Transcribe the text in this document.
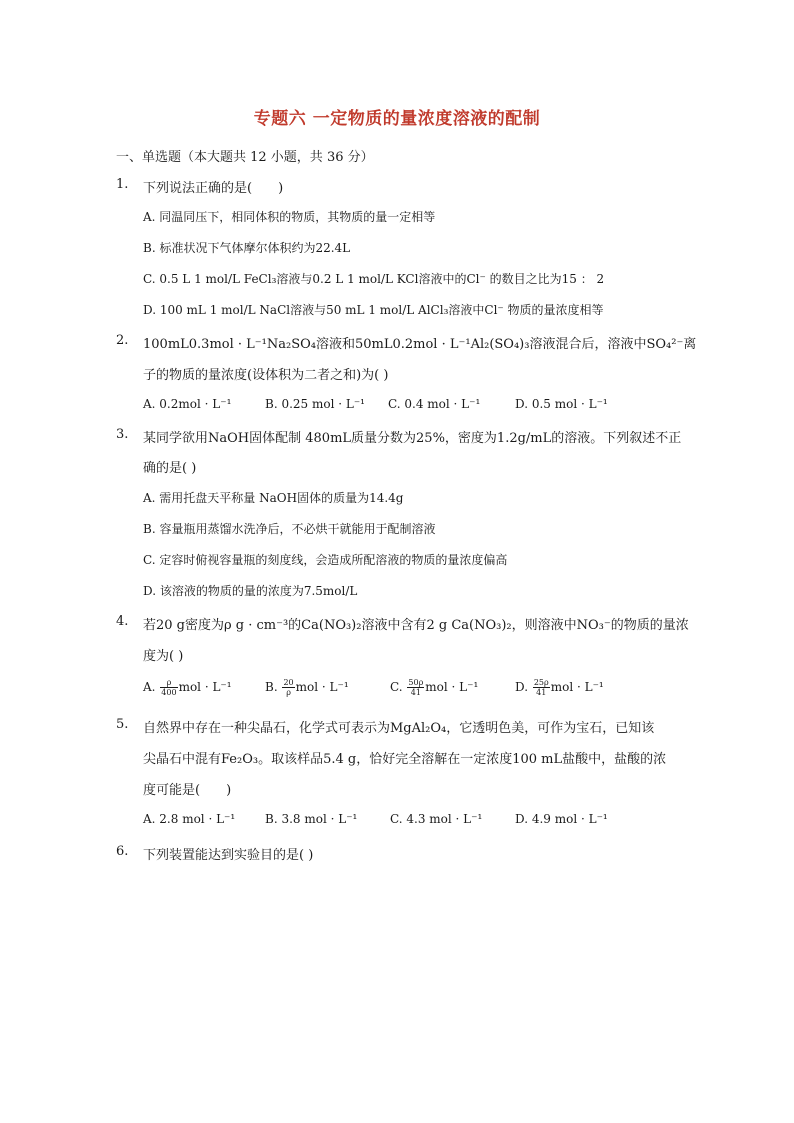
专题六 一定物质的量浓度溶液的配制
一、单选题（本大题共 12 小题，共 36 分）
1. 下列说法正确的是(　　)
A. 同温同压下，相同体积的物质，其物质的量一定相等
B. 标准状况下气体摩尔体积约为22.4L
C. 0.5 L 1 mol/L FeCl₃溶液与0.2 L 1 mol/L KCl溶液中的Cl⁻ 的数目之比为15 ： 2
D. 100 mL 1 mol/L NaCl溶液与50 mL 1 mol/L AlCl₃溶液中Cl⁻ 物质的量浓度相等
2. 100mL0.3mol · L⁻¹Na₂SO₄溶液和50mL0.2mol · L⁻¹Al₂(SO₄)₃溶液混合后，溶液中SO₄²⁻离
子的物质的量浓度(设体积为二者之和)为( )
A. 0.2mol · L⁻¹	B. 0.25 mol · L⁻¹ C. 0.4 mol · L⁻¹	D. 0.5 mol · L⁻¹
3. 某同学欲用NaOH固体配制 480mL质量分数为25%，密度为1.2g/mL的溶液。下列叙述不正
确的是( )
A. 需用托盘天平称量 NaOH固体的质量为14.4g
B. 容量瓶用蒸馏水洗净后，不必烘干就能用于配制溶液
C. 定容时俯视容量瓶的刻度线，会造成所配溶液的物质的量浓度偏高
D. 该溶液的物质的量的浓度为7.5mol/L
4. 若20 g密度为ρ g · cm⁻³的Ca(NO₃)₂溶液中含有2 g Ca(NO₃)₂，则溶液中NO₃⁻的物质的量浓
度为( )
A. $\frac{\rho}{400}$ mol · L⁻¹	B. $\frac{20}{\rho}$ mol · L⁻¹	C. $\frac{50\rho}{41}$ mol · L⁻¹	D. $\frac{25\rho}{41}$ mol · L⁻¹
5. 自然界中存在一种尖晶石，化学式可表示为MgAl₂O₄，它透明色美，可作为宝石，已知该
尖晶石中混有Fe₂O₃。取该样品5.4 g，恰好完全溶解在一定浓度100 mL盐酸中，盐酸的浓
度可能是(　　)
A. 2.8 mol · L⁻¹ B. 3.8 mol · L⁻¹	C. 4.3 mol · L⁻¹	D. 4.9 mol · L⁻¹
6. 下列装置能达到实验目的是( )
